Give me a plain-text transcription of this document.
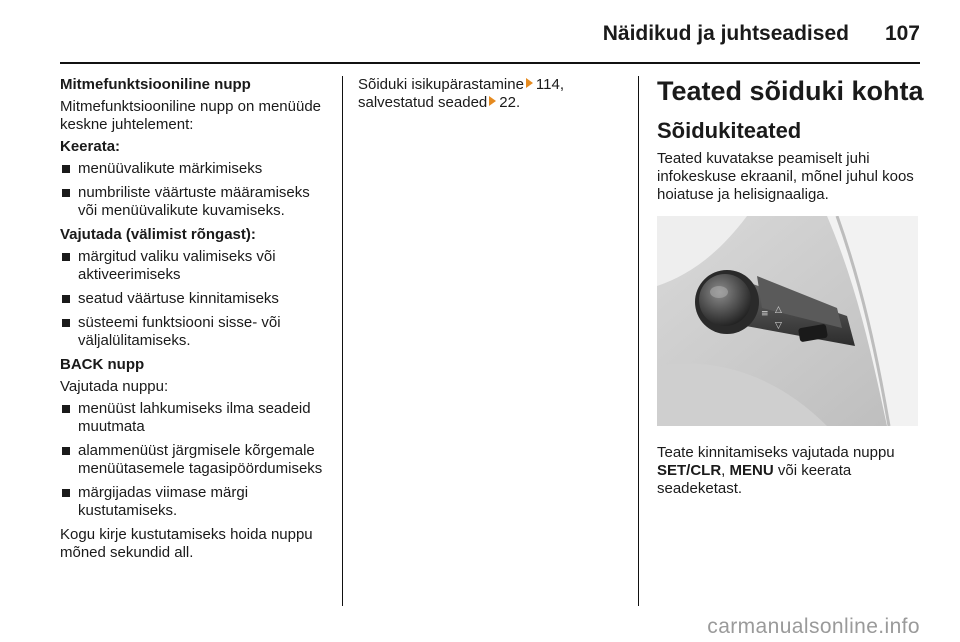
Näidikud ja juhtseadised 107

Mitmefunktsiooniline nupp

Mitmefunktsiooniline nupp on menüüde keskne juhtelement:

Keerata:

menüüvalikute märkimiseks
numbriliste väärtuste määramiseks või menüüvalikute kuvamiseks.

Vajutada (välimist rõngast):

märgitud valiku valimiseks või aktiveerimiseks
seatud väärtuse kinnitamiseks
süsteemi funktsiooni sisse- või väljalülitamiseks.

BACK nupp

Vajutada nuppu:

menüüst lahkumiseks ilma seadeid muutmata
alammenüüst järgmisele kõrgemale menüütasemele tagasipöördumiseks
märgijadas viimase märgi kustutamiseks.

Kogu kirje kustutamiseks hoida nuppu mõned sekundid all.

Sõiduki isikupärastamine 114,
salvestatud seaded 22.	Teated sõiduki kohta
Sõidukiteated

Teated kuvatakse peamiselt juhi infokeskuse ekraanil, mõnel juhul koos hoiatuse ja helisignaaliga.

≡ △
▽

Teate kinnitamiseks vajutada nuppu
SET/CLR, MENU või keerata seadeketast.

carmanualsonline.info
